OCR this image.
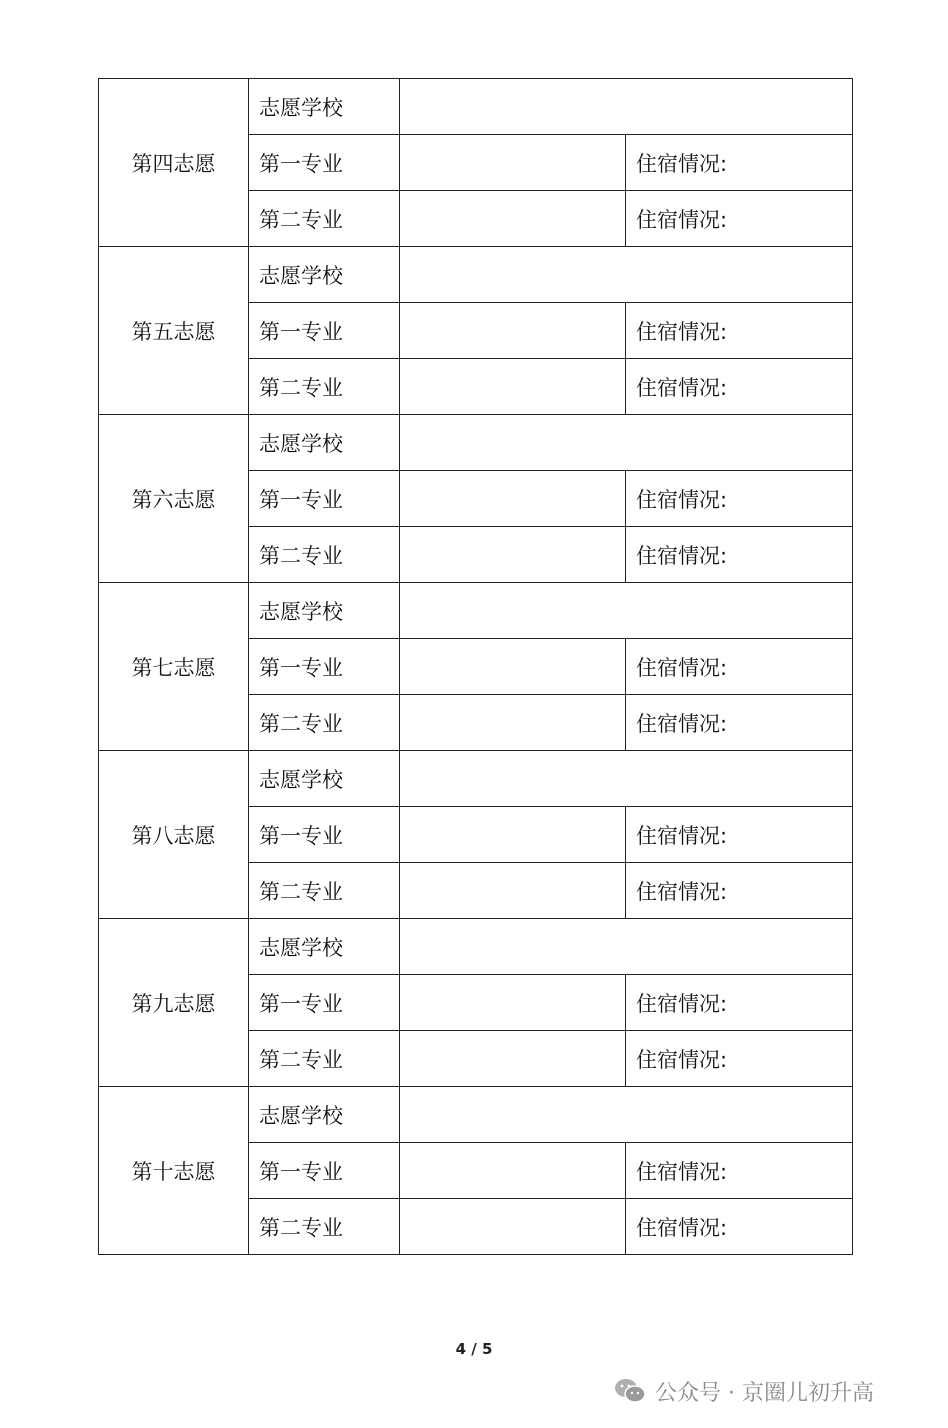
第四志愿	志愿学校		
	第一专业		住宿情况:
	第二专业		住宿情况:
第五志愿	志愿学校		
	第一专业		住宿情况:
	第二专业		住宿情况:
第六志愿	志愿学校		
	第一专业		住宿情况:
	第二专业		住宿情况:
第七志愿	志愿学校		
	第一专业		住宿情况:
	第二专业		住宿情况:
第八志愿	志愿学校		
	第一专业		住宿情况:
	第二专业		住宿情况:
第九志愿	志愿学校		
	第一专业		住宿情况:
	第二专业		住宿情况:
第十志愿	志愿学校		
	第一专业		住宿情况:
	第二专业		住宿情况:
4 / 5
公众号 · 京圈儿初升高
